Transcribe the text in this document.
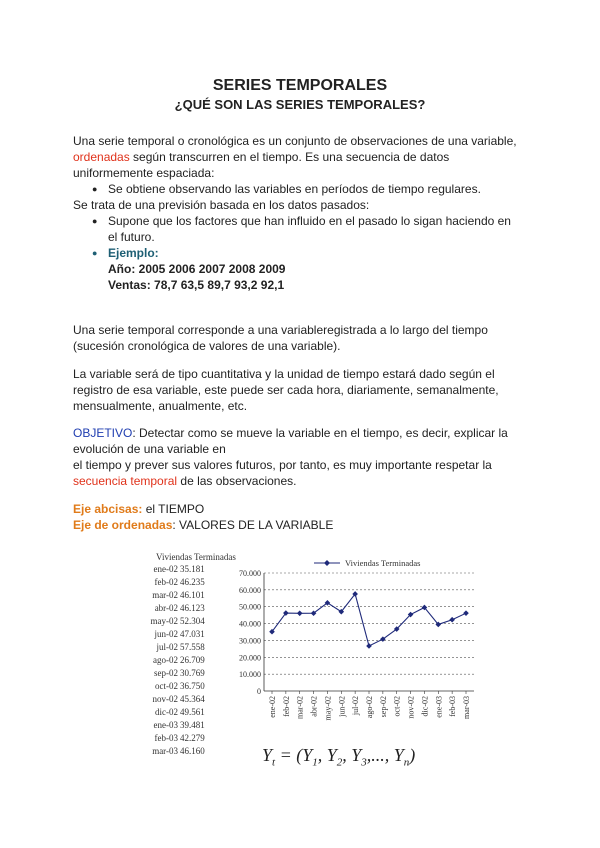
SERIES TEMPORALES
¿QUÉ SON LAS SERIES TEMPORALES?
Una serie temporal o cronológica es un conjunto de observaciones de una variable,
ordenadas según transcurren en el tiempo. Es una secuencia de datos
uniformemente espaciada:
● Se obtiene observando las variables en períodos de tiempo regulares.
Se trata de una previsión basada en los datos pasados:
● Supone que los factores que han influido en el pasado lo sigan haciendo en
el futuro.
● Ejemplo:
Año: 2005 2006 2007 2008 2009
Ventas: 78,7 63,5 89,7 93,2 92,1
Una serie temporal corresponde a una variableregistrada a lo largo del tiempo
(sucesión cronológica de valores de una variable).
La variable será de tipo cuantitativa y la unidad de tiempo estará dado según el
registro de esa variable, este puede ser cada hora, diariamente, semanalmente,
mensualmente, anualmente, etc.
OBJETIVO: Detectar como se mueve la variable en el tiempo, es decir, explicar la
evolución de una variable en
el tiempo y prever sus valores futuros, por tanto, es muy importante respetar la
secuencia temporal de las observaciones.
Eje abcisas: el TIEMPO
Eje de ordenadas: VALORES DE LA VARIABLE
Viviendas Terminadas
ene-02 35.181
feb-02 46.235
mar-02 46.101
abr-02 46.123
may-02 52.304
jun-02 47.031
jul-02 57.558
ago-02 26.709
sep-02 30.769
oct-02 36.750
nov-02 45.364
dic-02 49.561
ene-03 39.481
feb-03 42.279
mar-03 46.160
0
10.000
20.000
30.000
40.000
50.000
60.000
70.000
ene-02 feb-02 mar-02 abr-02 may-02 jun-02 jul-02 ago-02 sep-02 oct-02 nov-02 dic-02 ene-03 feb-03 mar-03
Viviendas Terminadas
$Y_t = (Y_1$, $Y_2$, $Y_3$,..., $Y_n$)
